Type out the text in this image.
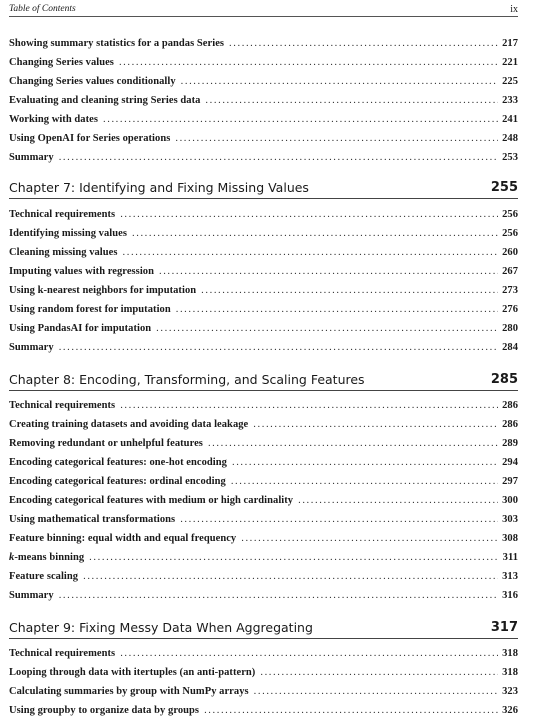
Table of Contents	ix
Showing summary statistics for a pandas Series .....	217
Changing Series values .....	221
Changing Series values conditionally .....	225
Evaluating and cleaning string Series data .....	233
Working with dates .....	241
Using OpenAI for Series operations .....	248
Summary .....	253
Chapter 7: Identifying and Fixing Missing Values	255
Technical requirements .....	256
Identifying missing values .....	256
Cleaning missing values .....	260
Imputing values with regression .....	267
Using k-nearest neighbors for imputation .....	273
Using random forest for imputation .....	276
Using PandasAI for imputation .....	280
Summary .....	284
Chapter 8: Encoding, Transforming, and Scaling Features	285
Technical requirements .....	286
Creating training datasets and avoiding data leakage .....	286
Removing redundant or unhelpful features .....	289
Encoding categorical features: one-hot encoding .....	294
Encoding categorical features: ordinal encoding .....	297
Encoding categorical features with medium or high cardinality .....	300
Using mathematical transformations .....	303
Feature binning: equal width and equal frequency .....	308
k-means binning .....	311
Feature scaling .....	313
Summary .....	316
Chapter 9: Fixing Messy Data When Aggregating	317
Technical requirements .....	318
Looping through data with itertuples (an anti-pattern) .....	318
Calculating summaries by group with NumPy arrays .....	323
Using groupby to organize data by groups .....	326
